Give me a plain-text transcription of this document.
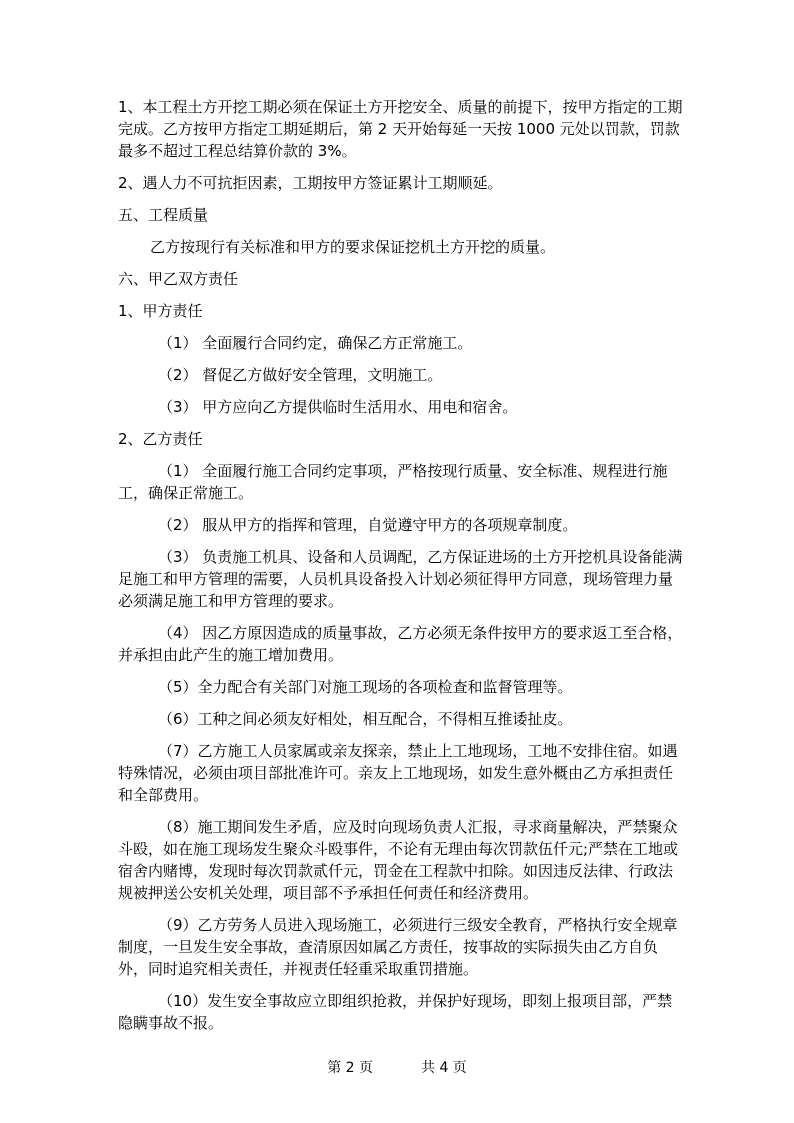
1、本工程土方开挖工期必须在保证土方开挖安全、质量的前提下，按甲方指定的工期完成。乙方按甲方指定工期延期后，第 2 天开始每延一天按 1000 元处以罚款，罚款最多不超过工程总结算价款的 3%。

2、遇人力不可抗拒因素，工期按甲方签证累计工期顺延。

五、工程质量

乙方按现行有关标准和甲方的要求保证挖机土方开挖的质量。

六、甲乙双方责任

1、甲方责任

（1） 全面履行合同约定，确保乙方正常施工。

（2） 督促乙方做好安全管理，文明施工。

（3） 甲方应向乙方提供临时生活用水、用电和宿舍。

2、乙方责任

（1） 全面履行施工合同约定事项，严格按现行质量、安全标准、规程进行施工，确保正常施工。

（2） 服从甲方的指挥和管理，自觉遵守甲方的各项规章制度。

（3） 负责施工机具、设备和人员调配，乙方保证进场的土方开挖机具设备能满足施工和甲方管理的需要，人员机具设备投入计划必须征得甲方同意，现场管理力量必须满足施工和甲方管理的要求。

（4） 因乙方原因造成的质量事故，乙方必须无条件按甲方的要求返工至合格，并承担由此产生的施工增加费用。

（5）全力配合有关部门对施工现场的各项检查和监督管理等。

（6）工种之间必须友好相处，相互配合，不得相互推诿扯皮。

（7）乙方施工人员家属或亲友探亲，禁止上工地现场，工地不安排住宿。如遇特殊情况，必须由项目部批准许可。亲友上工地现场，如发生意外概由乙方承担责任和全部费用。

（8）施工期间发生矛盾，应及时向现场负责人汇报，寻求商量解决，严禁聚众斗殴，如在施工现场发生聚众斗殴事件，不论有无理由每次罚款伍仟元;严禁在工地或宿舍内赌博，发现时每次罚款贰仟元，罚金在工程款中扣除。如因违反法律、行政法规被押送公安机关处理，项目部不予承担任何责任和经济费用。

（9）乙方劳务人员进入现场施工，必须进行三级安全教育，严格执行安全规章制度，一旦发生安全事故，查清原因如属乙方责任，按事故的实际损失由乙方自负外，同时追究相关责任，并视责任轻重采取重罚措施。

（10）发生安全事故应立即组织抢救，并保护好现场，即刻上报项目部，严禁隐瞒事故不报。

第 2 页	共 4 页
